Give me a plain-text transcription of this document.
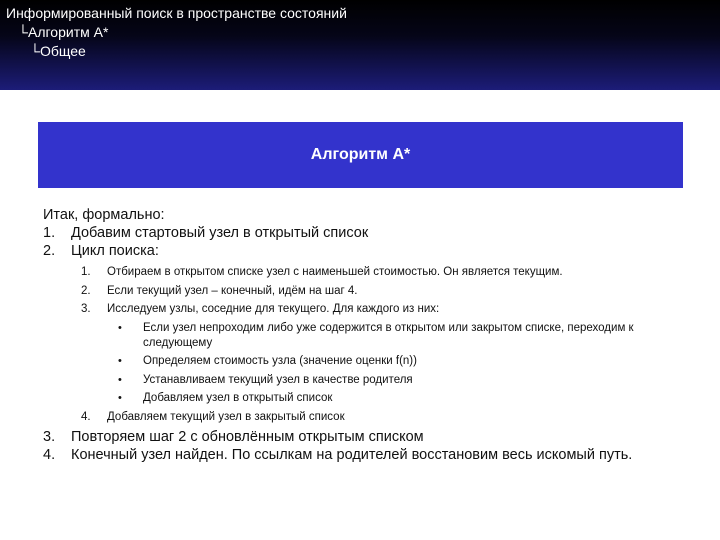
Информированный поиск в пространстве состояний
└Алгоритм A*
└Общее
Алгоритм A*
Итак, формально:
1.	Добавим стартовый узел в открытый список
2.	Цикл поиска:
1.	Отбираем в открытом списке узел с наименьшей стоимостью. Он является текущим.
2.	Если текущий узел – конечный, идём на шаг 4.
3.	Исследуем узлы, соседние для текущего. Для каждого из них:
•	Если узел непроходим либо уже содержится в открытом или закрытом списке, переходим к следующему
•	Определяем стоимость узла (значение оценки f(n))
•	Устанавливаем текущий узел в качестве родителя
•	Добавляем узел в открытый список
4.	Добавляем текущий узел в закрытый список
3.	Повторяем шаг 2 с обновлённым открытым списком
4.	Конечный узел найден. По ссылкам на родителей восстановим весь искомый путь.
